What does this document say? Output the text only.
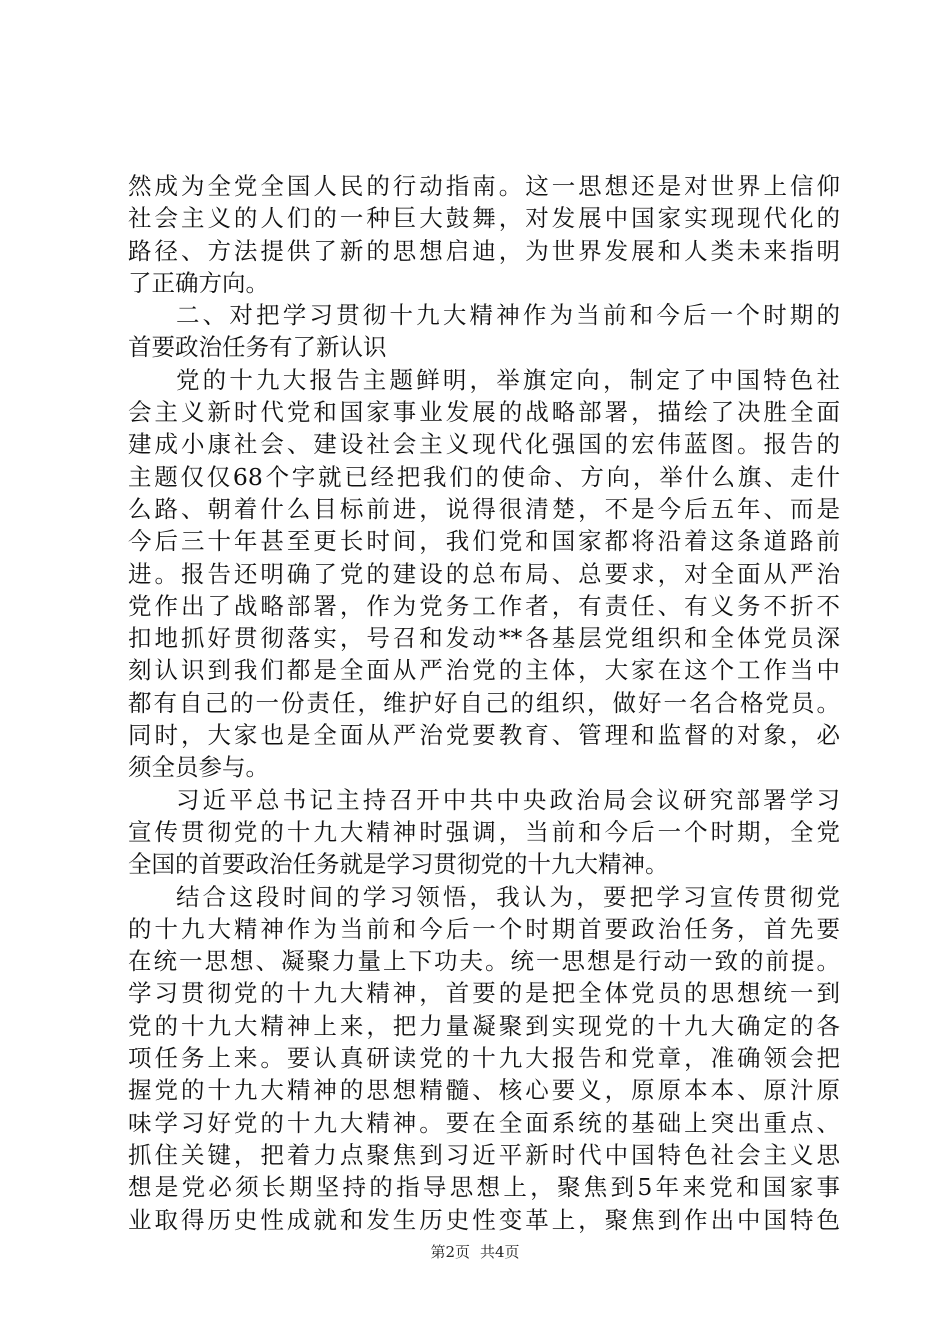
然成为全党全国人民的行动指南。这一思想还是对世界上信仰
社会主义的人们的一种巨大鼓舞，对发展中国家实现现代化的
路径、方法提供了新的思想启迪，为世界发展和人类未来指明
了正确方向。
二、对把学习贯彻十九大精神作为当前和今后一个时期的
首要政治任务有了新认识
党的十九大报告主题鲜明，举旗定向，制定了中国特色社
会主义新时代党和国家事业发展的战略部署，描绘了决胜全面
建成小康社会、建设社会主义现代化强国的宏伟蓝图。报告的
主题仅仅68个字就已经把我们的使命、方向，举什么旗、走什
么路、朝着什么目标前进，说得很清楚，不是今后五年、而是
今后三十年甚至更长时间，我们党和国家都将沿着这条道路前
进。报告还明确了党的建设的总布局、总要求，对全面从严治
党作出了战略部署，作为党务工作者，有责任、有义务不折不
扣地抓好贯彻落实，号召和发动**各基层党组织和全体党员深
刻认识到我们都是全面从严治党的主体，大家在这个工作当中
都有自己的一份责任，维护好自己的组织，做好一名合格党员。
同时，大家也是全面从严治党要教育、管理和监督的对象，必
须全员参与。
习近平总书记主持召开中共中央政治局会议研究部署学习
宣传贯彻党的十九大精神时强调，当前和今后一个时期，全党
全国的首要政治任务就是学习贯彻党的十九大精神。
结合这段时间的学习领悟，我认为，要把学习宣传贯彻党
的十九大精神作为当前和今后一个时期首要政治任务，首先要
在统一思想、凝聚力量上下功夫。统一思想是行动一致的前提。
学习贯彻党的十九大精神，首要的是把全体党员的思想统一到
党的十九大精神上来，把力量凝聚到实现党的十九大确定的各
项任务上来。要认真研读党的十九大报告和党章，准确领会把
握党的十九大精神的思想精髓、核心要义，原原本本、原汁原
味学习好党的十九大精神。要在全面系统的基础上突出重点、
抓住关键，把着力点聚焦到习近平新时代中国特色社会主义思
想是党必须长期坚持的指导思想上，聚焦到5年来党和国家事
业取得历史性成就和发生历史性变革上，聚焦到作出中国特色
第2页 共4页
